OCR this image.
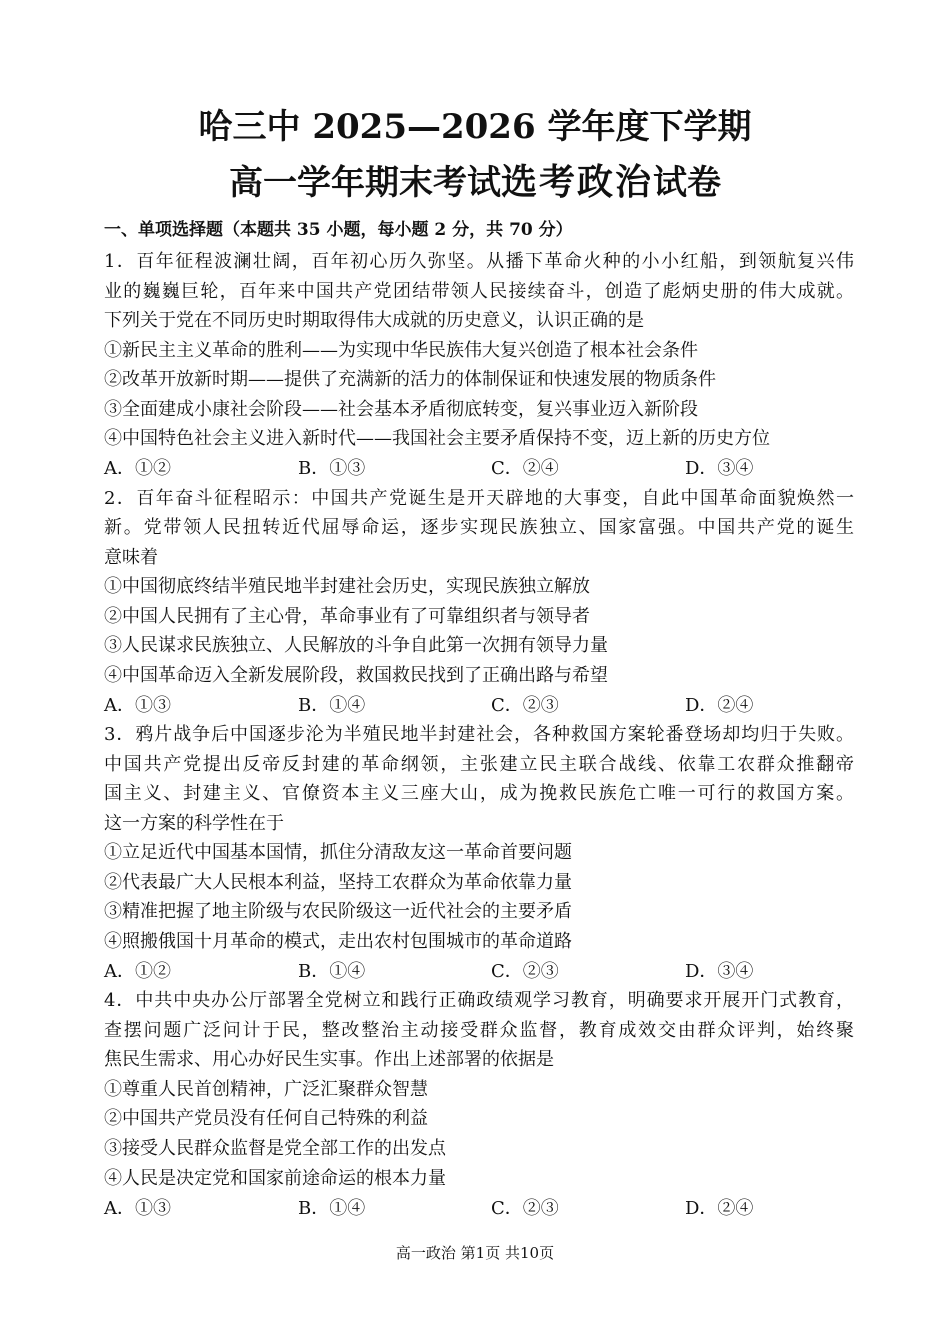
哈三中 2025—2026 学年度下学期
高一学年期末考试选考政治试卷
一、单项选择题（本题共 35 小题，每小题 2 分，共 70 分）
1．百年征程波澜壮阔，百年初心历久弥坚。从播下革命火种的小小红船，到领航复兴伟
业的巍巍巨轮，百年来中国共产党团结带领人民接续奋斗，创造了彪炳史册的伟大成就。
下列关于党在不同历史时期取得伟大成就的历史意义，认识正确的是
①新民主主义革命的胜利——为实现中华民族伟大复兴创造了根本社会条件
②改革开放新时期——提供了充满新的活力的体制保证和快速发展的物质条件
③全面建成小康社会阶段——社会基本矛盾彻底转变，复兴事业迈入新阶段
④中国特色社会主义进入新时代——我国社会主要矛盾保持不变，迈上新的历史方位
A．①②	B．①③	C．②④	D．③④
2．百年奋斗征程昭示：中国共产党诞生是开天辟地的大事变，自此中国革命面貌焕然一
新。党带领人民扭转近代屈辱命运，逐步实现民族独立、国家富强。中国共产党的诞生
意味着
①中国彻底终结半殖民地半封建社会历史，实现民族独立解放
②中国人民拥有了主心骨，革命事业有了可靠组织者与领导者
③人民谋求民族独立、人民解放的斗争自此第一次拥有领导力量
④中国革命迈入全新发展阶段，救国救民找到了正确出路与希望
A．①③	B．①④	C．②③	D．②④
3．鸦片战争后中国逐步沦为半殖民地半封建社会，各种救国方案轮番登场却均归于失败。
中国共产党提出反帝反封建的革命纲领，主张建立民主联合战线、依靠工农群众推翻帝
国主义、封建主义、官僚资本主义三座大山，成为挽救民族危亡唯一可行的救国方案。
这一方案的科学性在于
①立足近代中国基本国情，抓住分清敌友这一革命首要问题
②代表最广大人民根本利益，坚持工农群众为革命依靠力量
③精准把握了地主阶级与农民阶级这一近代社会的主要矛盾
④照搬俄国十月革命的模式，走出农村包围城市的革命道路
A．①②	B．①④	C．②③	D．③④
4．中共中央办公厅部署全党树立和践行正确政绩观学习教育，明确要求开展开门式教育，
查摆问题广泛问计于民，整改整治主动接受群众监督，教育成效交由群众评判，始终聚
焦民生需求、用心办好民生实事。作出上述部署的依据是
①尊重人民首创精神，广泛汇聚群众智慧
②中国共产党员没有任何自己特殊的利益
③接受人民群众监督是党全部工作的出发点
④人民是决定党和国家前途命运的根本力量
A．①③	B．①④	C．②③	D．②④
高一政治 第1页 共10页
